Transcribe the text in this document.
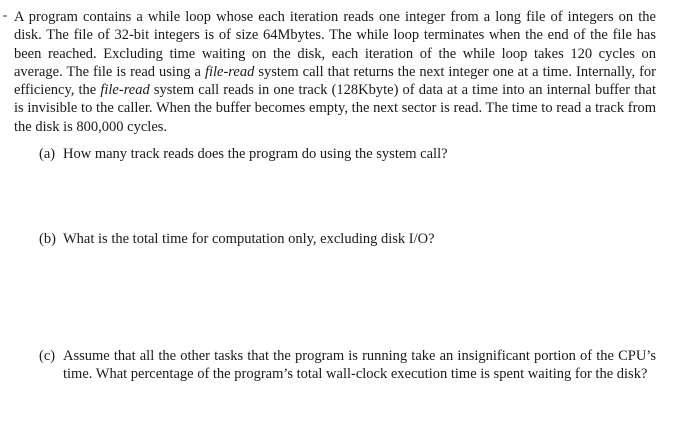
A program contains a while loop whose each iteration reads one integer from a long file of integers on the disk. The file of 32-bit integers is of size 64Mbytes. The while loop terminates when the end of the file has been reached. Excluding time waiting on the disk, each iteration of the while loop takes 120 cycles on average. The file is read using a file-read system call that returns the next integer one at a time. Internally, for efficiency, the file-read system call reads in one track (128Kbyte) of data at a time into an internal buffer that is invisible to the caller. When the buffer becomes empty, the next sector is read. The time to read a track from the disk is 800,000 cycles.

(a) How many track reads does the program do using the system call?

(b) What is the total time for computation only, excluding disk I/O?

(c) Assume that all the other tasks that the program is running take an insignificant portion of the CPU’s time. What percentage of the program’s total wall-clock execution time is spent waiting for the disk?
